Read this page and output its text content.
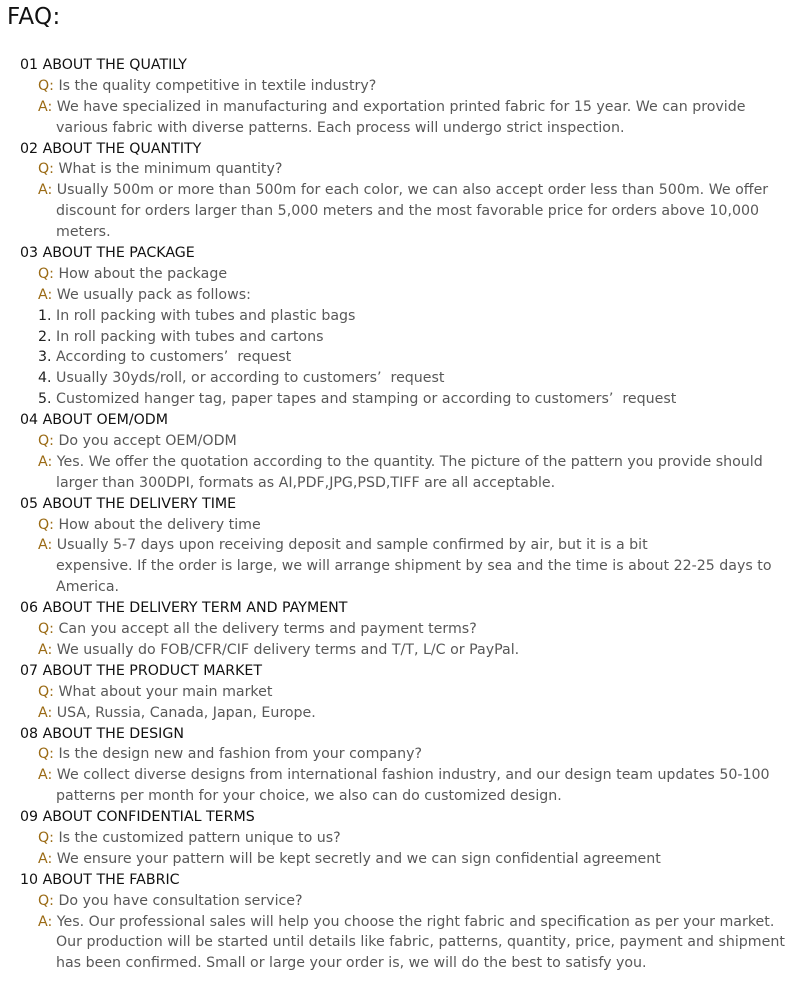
FAQ:
01 ABOUT THE QUATILY
Q: Is the quality competitive in textile industry?
A: We have specialized in manufacturing and exportation printed fabric for 15 year. We can provide
various fabric with diverse patterns. Each process will undergo strict inspection.
02 ABOUT THE QUANTITY
Q: What is the minimum quantity?
A: Usually 500m or more than 500m for each color, we can also accept order less than 500m. We offer
discount for orders larger than 5,000 meters and the most favorable price for orders above 10,000
meters.
03 ABOUT THE PACKAGE
Q: How about the package
A: We usually pack as follows:
1. In roll packing with tubes and plastic bags
2. In roll packing with tubes and cartons
3. According to customers’  request
4. Usually 30yds/roll, or according to customers’  request
5. Customized hanger tag, paper tapes and stamping or according to customers’  request
04 ABOUT OEM/ODM
Q: Do you accept OEM/ODM
A: Yes. We offer the quotation according to the quantity. The picture of the pattern you provide should
larger than 300DPI, formats as AI,PDF,JPG,PSD,TIFF are all acceptable.
05 ABOUT THE DELIVERY TIME
Q: How about the delivery time
A: Usually 5-7 days upon receiving deposit and sample confirmed by air, but it is a bit
expensive. If the order is large, we will arrange shipment by sea and the time is about 22-25 days to
America.
06 ABOUT THE DELIVERY TERM AND PAYMENT
Q: Can you accept all the delivery terms and payment terms?
A: We usually do FOB/CFR/CIF delivery terms and T/T, L/C or PayPal.
07 ABOUT THE PRODUCT MARKET
Q: What about your main market
A: USA, Russia, Canada, Japan, Europe.
08 ABOUT THE DESIGN
Q: Is the design new and fashion from your company?
A: We collect diverse designs from international fashion industry, and our design team updates 50-100
patterns per month for your choice, we also can do customized design.
09 ABOUT CONFIDENTIAL TERMS
Q: Is the customized pattern unique to us?
A: We ensure your pattern will be kept secretly and we can sign confidential agreement
10 ABOUT THE FABRIC
Q: Do you have consultation service?
A: Yes. Our professional sales will help you choose the right fabric and specification as per your market.
Our production will be started until details like fabric, patterns, quantity, price, payment and shipment
has been confirmed. Small or large your order is, we will do the best to satisfy you.
